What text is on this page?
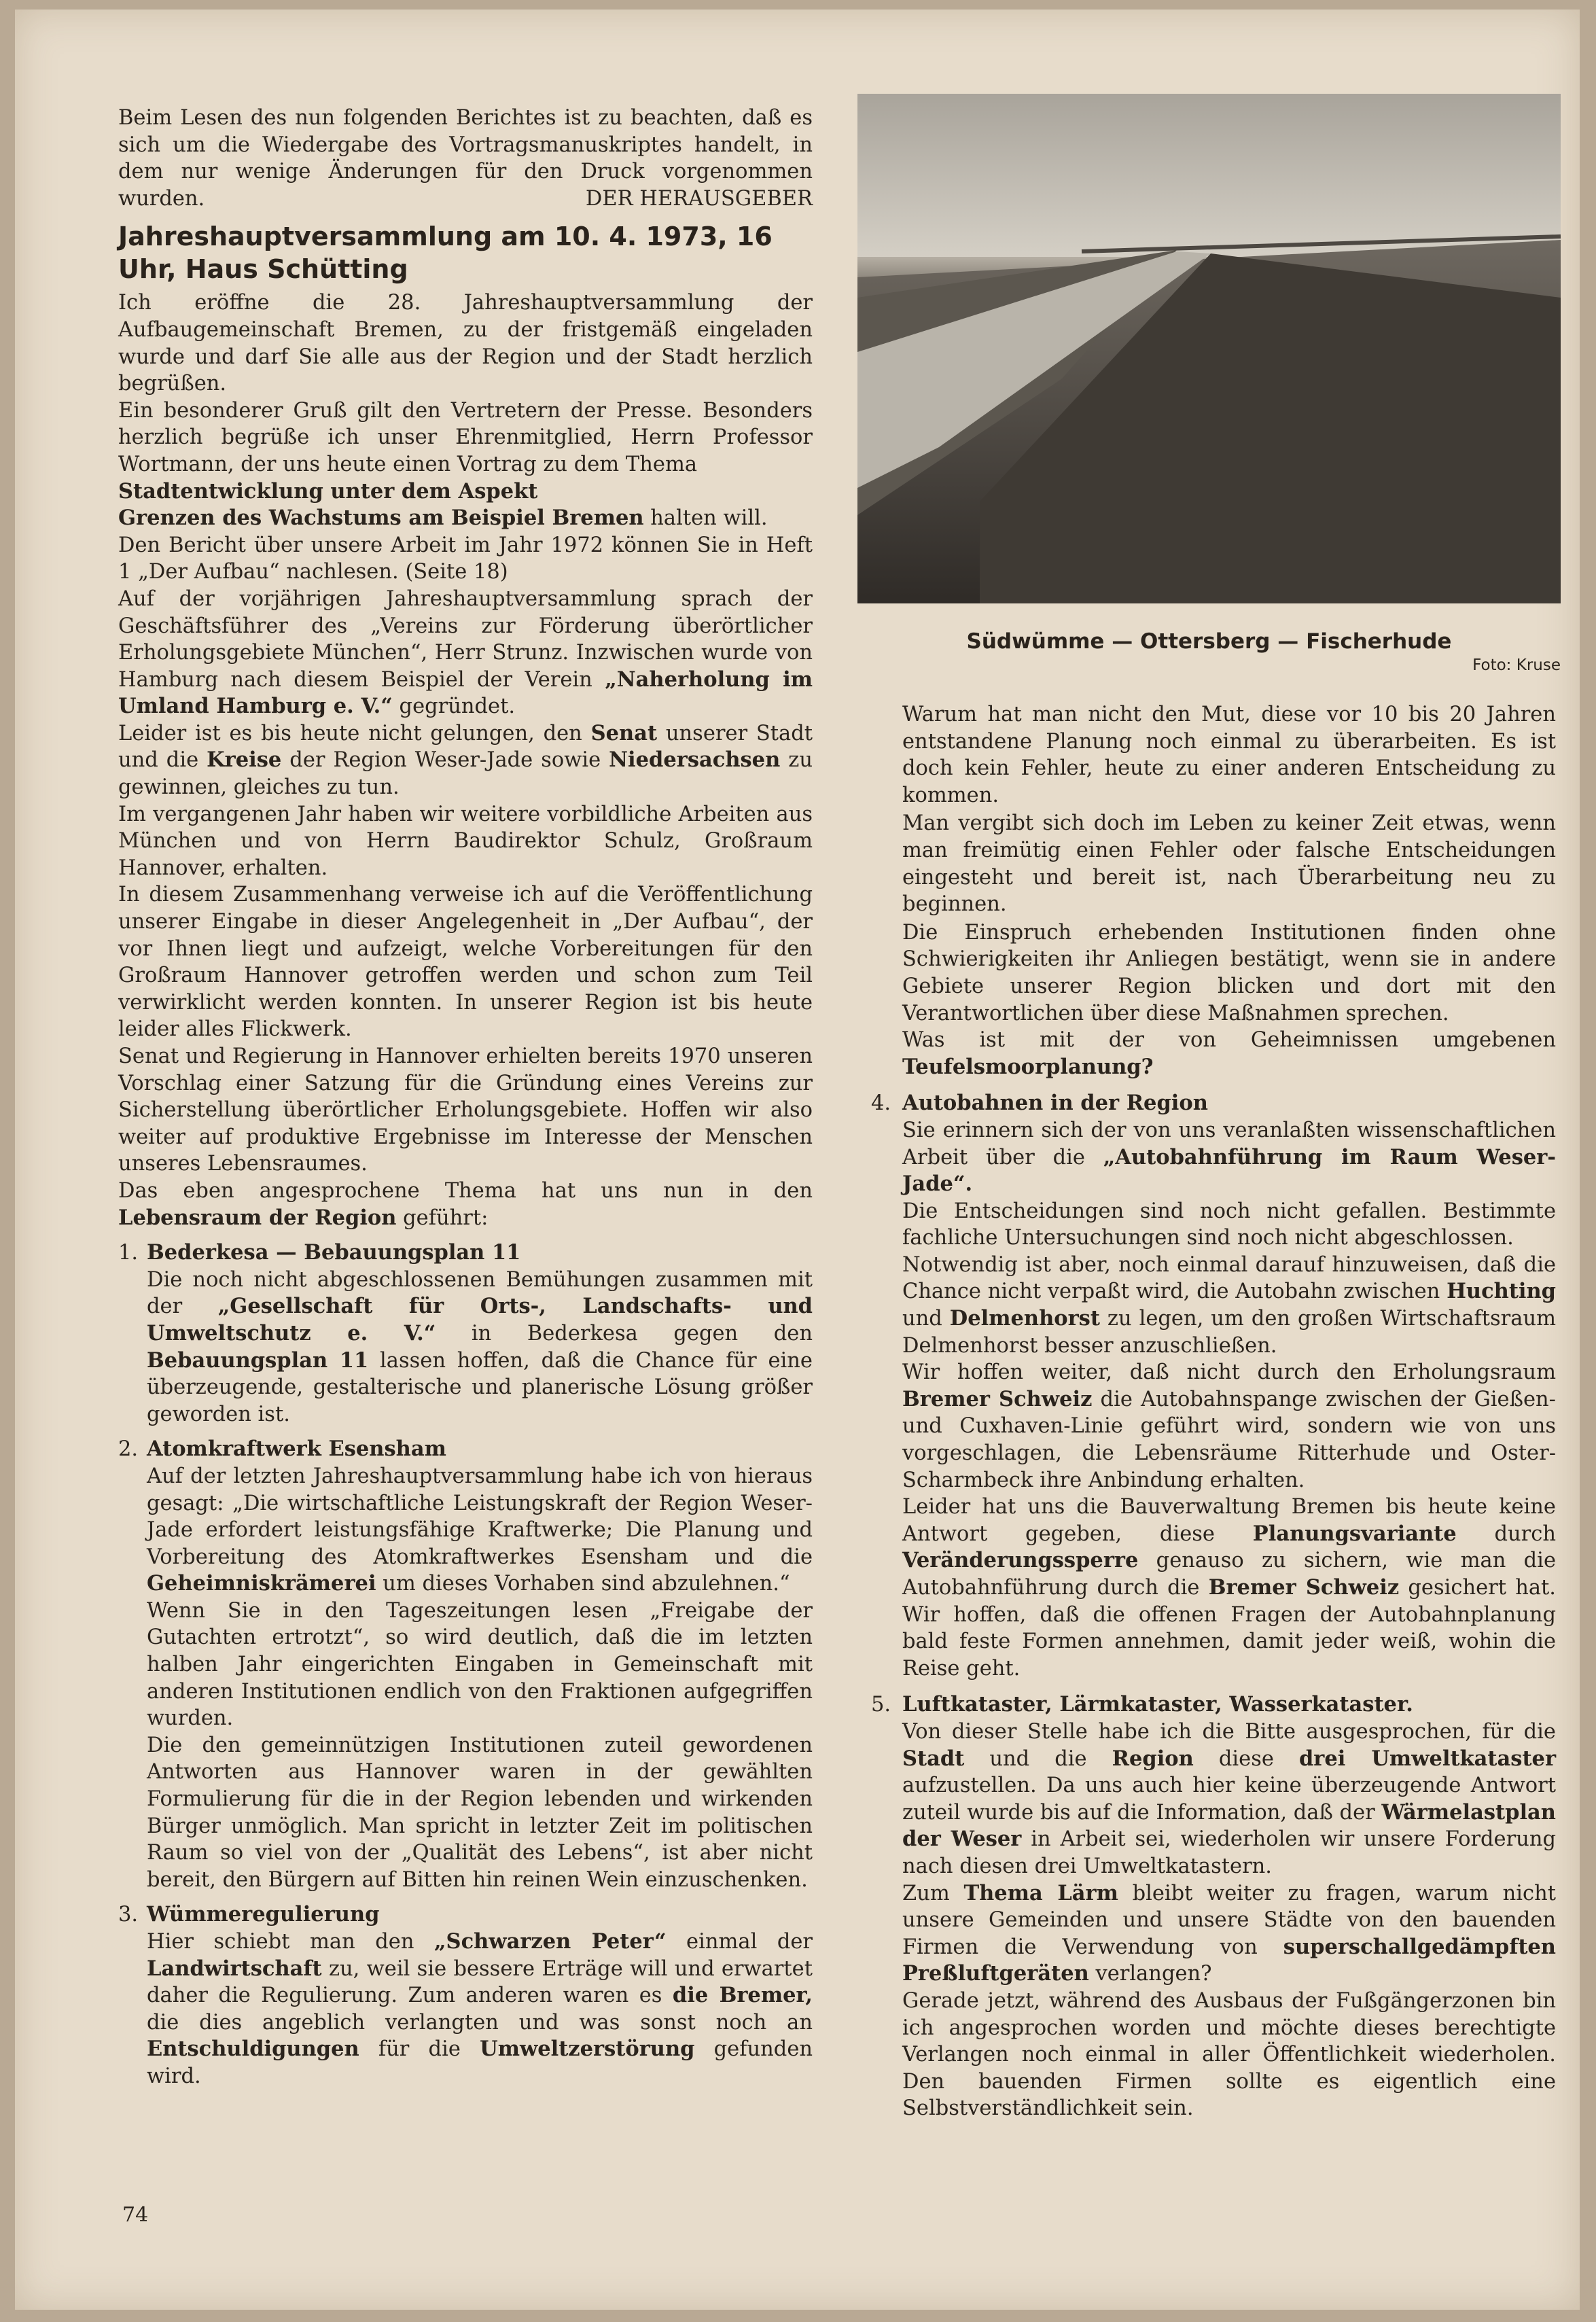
Beim Lesen des nun folgenden Berichtes ist zu beachten, daß es sich um die Wiedergabe des Vortragsmanuskriptes handelt, in dem nur wenige Änderungen für den Druck vorgenommen wurden.	DER HERAUSGEBER
Jahreshauptversammlung am 10. 4. 1973, 16 Uhr, Haus Schütting

Ich eröffne die 28. Jahreshauptversammlung der Aufbaugemeinschaft Bremen, zu der fristgemäß eingeladen wurde und darf Sie alle aus der Region und der Stadt herzlich begrüßen.

Ein besonderer Gruß gilt den Vertretern der Presse. Besonders herzlich begrüße ich unser Ehrenmitglied, Herrn Professor Wortmann, der uns heute einen Vortrag zu dem Thema

Stadtentwicklung unter dem Aspekt

Grenzen des Wachstums am Beispiel Bremen halten will.

Den Bericht über unsere Arbeit im Jahr 1972 können Sie in Heft 1 „Der Aufbau“ nachlesen. (Seite 18)

Auf der vorjährigen Jahreshauptversammlung sprach der Geschäftsführer des „Vereins zur Förderung überörtlicher Erholungsgebiete München“, Herr Strunz. Inzwischen wurde von Hamburg nach diesem Beispiel der Verein „Naherholung im Umland Hamburg e. V.“ gegründet.

Leider ist es bis heute nicht gelungen, den Senat unserer Stadt und die Kreise der Region Weser-Jade sowie Niedersachsen zu gewinnen, gleiches zu tun.

Im vergangenen Jahr haben wir weitere vorbildliche Arbeiten aus München und von Herrn Baudirektor Schulz, Großraum Hannover, erhalten.

In diesem Zusammenhang verweise ich auf die Veröffentlichung unserer Eingabe in dieser Angelegenheit in „Der Aufbau“, der vor Ihnen liegt und aufzeigt, welche Vorbereitungen für den Großraum Hannover getroffen werden und schon zum Teil verwirklicht werden konnten. In unserer Region ist bis heute leider alles Flickwerk.

Senat und Regierung in Hannover erhielten bereits 1970 unseren Vorschlag einer Satzung für die Gründung eines Vereins zur Sicherstellung überörtlicher Erholungsgebiete. Hoffen wir also weiter auf produktive Ergebnisse im Interesse der Menschen unseres Lebensraumes.

Das eben angesprochene Thema hat uns nun in den Lebensraum der Region geführt:

1. Bederkesa — Bebauungsplan 11

Die noch nicht abgeschlossenen Bemühungen zusammen mit der „Gesellschaft für Orts-, Landschafts- und Umweltschutz e. V.“ in Bederkesa gegen den Bebauungsplan 11 lassen hoffen, daß die Chance für eine überzeugende, gestalterische und planerische Lösung größer geworden ist.

2. Atomkraftwerk Esensham

Auf der letzten Jahreshauptversammlung habe ich von hieraus gesagt: „Die wirtschaftliche Leistungskraft der Region Weser-Jade erfordert leistungsfähige Kraftwerke; Die Planung und Vorbereitung des Atomkraftwerkes Esensham und die Geheimniskrämerei um dieses Vorhaben sind abzulehnen.“

Wenn Sie in den Tageszeitungen lesen „Freigabe der Gutachten ertrotzt“, so wird deutlich, daß die im letzten halben Jahr eingerichten Eingaben in Gemeinschaft mit anderen Institutionen endlich von den Fraktionen aufgegriffen wurden.

Die den gemeinnützigen Institutionen zuteil gewordenen Antworten aus Hannover waren in der gewählten Formulierung für die in der Region lebenden und wirkenden Bürger unmöglich. Man spricht in letzter Zeit im politischen Raum so viel von der „Qualität des Lebens“, ist aber nicht bereit, den Bürgern auf Bitten hin reinen Wein einzuschenken.

3. Wümmeregulierung

Hier schiebt man den „Schwarzen Peter“ einmal der Landwirtschaft zu, weil sie bessere Erträge will und erwartet daher die Regulierung. Zum anderen waren es die Bremer, die dies angeblich verlangten und was sonst noch an Entschuldigungen für die Umweltzerstörung gefunden wird.

Südwümme — Ottersberg — Fischerhude
Foto: Kruse

Warum hat man nicht den Mut, diese vor 10 bis 20 Jahren entstandene Planung noch einmal zu überarbeiten. Es ist doch kein Fehler, heute zu einer anderen Entscheidung zu kommen.

Man vergibt sich doch im Leben zu keiner Zeit etwas, wenn man freimütig einen Fehler oder falsche Entscheidungen eingesteht und bereit ist, nach Überarbeitung neu zu beginnen.

Die Einspruch erhebenden Institutionen finden ohne Schwierigkeiten ihr Anliegen bestätigt, wenn sie in andere Gebiete unserer Region blicken und dort mit den Verantwortlichen über diese Maßnahmen sprechen.

Was ist mit der von Geheimnissen umgebenen Teufelsmoorplanung?

4. Autobahnen in der Region

Sie erinnern sich der von uns veranlaßten wissenschaftlichen Arbeit über die „Autobahnführung im Raum Weser-Jade“.

Die Entscheidungen sind noch nicht gefallen. Bestimmte fachliche Untersuchungen sind noch nicht abgeschlossen.

Notwendig ist aber, noch einmal darauf hinzuweisen, daß die Chance nicht verpaßt wird, die Autobahn zwischen Huchting und Delmenhorst zu legen, um den großen Wirtschaftsraum Delmenhorst besser anzuschließen.

Wir hoffen weiter, daß nicht durch den Erholungsraum Bremer Schweiz die Autobahnspange zwischen der Gießen- und Cuxhaven-Linie geführt wird, sondern wie von uns vorgeschlagen, die Lebensräume Ritterhude und Oster-Scharmbeck ihre Anbindung erhalten.

Leider hat uns die Bauverwaltung Bremen bis heute keine Antwort gegeben, diese Planungsvariante durch Veränderungssperre genauso zu sichern, wie man die Autobahnführung durch die Bremer Schweiz gesichert hat. Wir hoffen, daß die offenen Fragen der Autobahnplanung bald feste Formen annehmen, damit jeder weiß, wohin die Reise geht.

5. Luftkataster, Lärmkataster, Wasserkataster.

Von dieser Stelle habe ich die Bitte ausgesprochen, für die Stadt und die Region diese drei Umweltkataster aufzustellen. Da uns auch hier keine überzeugende Antwort zuteil wurde bis auf die Information, daß der Wärmelastplan der Weser in Arbeit sei, wiederholen wir unsere Forderung nach diesen drei Umweltkatastern.

Zum Thema Lärm bleibt weiter zu fragen, warum nicht unsere Gemeinden und unsere Städte von den bauenden Firmen die Verwendung von superschallgedämpften Preßluftgeräten verlangen?

Gerade jetzt, während des Ausbaus der Fußgängerzonen bin ich angesprochen worden und möchte dieses berechtigte Verlangen noch einmal in aller Öffentlichkeit wiederholen. Den bauenden Firmen sollte es eigentlich eine Selbstverständlichkeit sein.

74
